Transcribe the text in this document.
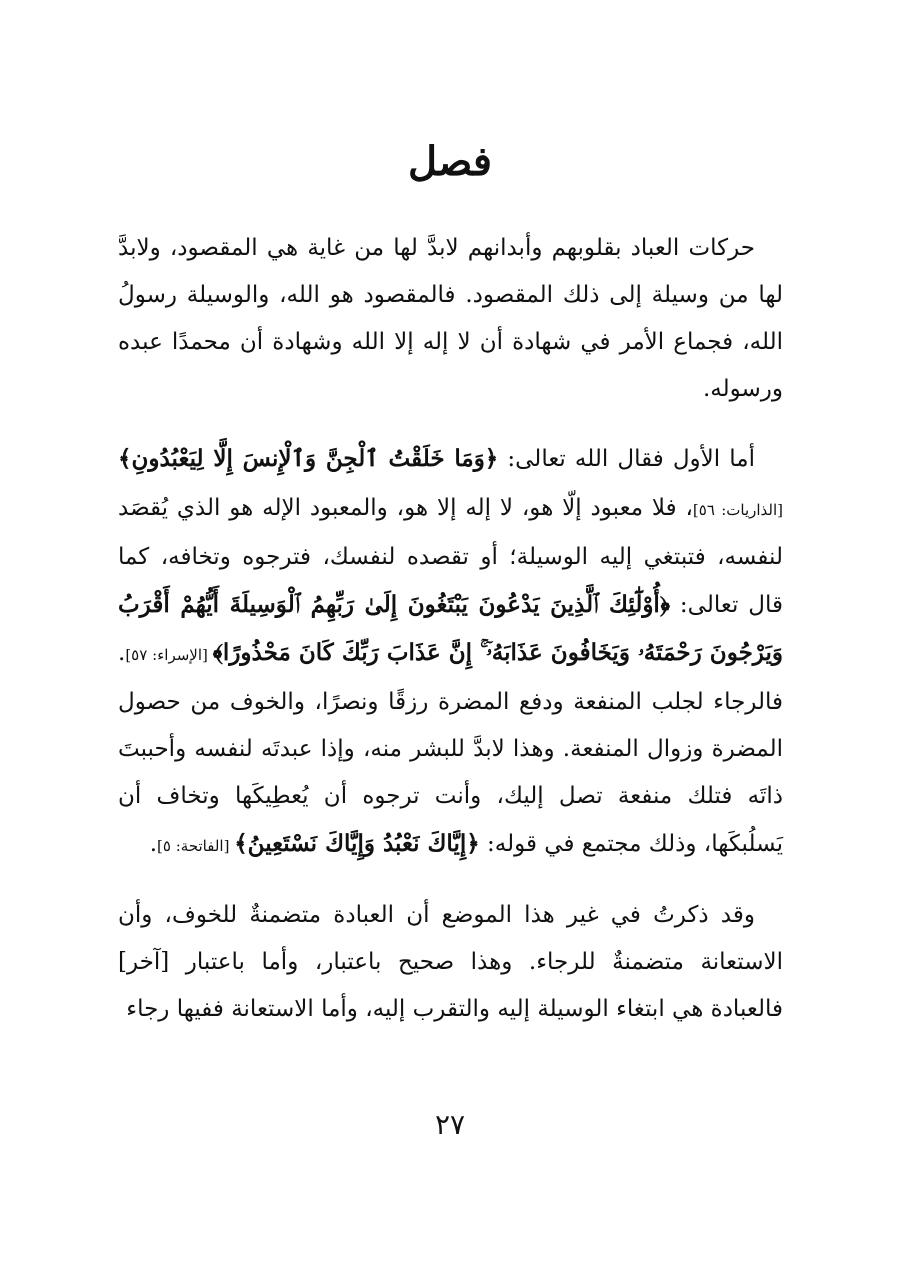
فصل

حركات العباد بقلوبهم وأبدانهم لابدَّ لها من غاية هي المقصود، ولابدَّ لها من وسيلة إلى ذلك المقصود. فالمقصود هو الله، والوسيلة رسولُ الله، فجماع الأمر في شهادة أن لا إله إلا الله وشهادة أن محمدًا عبده ورسوله.

أما الأول فقال الله تعالى: ﴿وَمَا خَلَقْتُ ٱلْجِنَّ وَٱلْإِنسَ إِلَّا لِيَعْبُدُونِ﴾ [الذاريات: ٥٦]، فلا معبود إلّا هو، لا إله إلا هو، والمعبود الإله هو الذي يُقصَد لنفسه، فتبتغي إليه الوسيلة؛ أو تقصده لنفسك، فترجوه وتخافه، كما قال تعالى: ﴿أُوْلَٰٓئِكَ ٱلَّذِينَ يَدْعُونَ يَبْتَغُونَ إِلَىٰ رَبِّهِمُ ٱلْوَسِيلَةَ أَيُّهُمْ أَقْرَبُ وَيَرْجُونَ رَحْمَتَهُۥ وَيَخَافُونَ عَذَابَهُۥٓ ۚ إِنَّ عَذَابَ رَبِّكَ كَانَ مَحْذُورًا﴾ [الإسراء: ٥٧]. فالرجاء لجلب المنفعة ودفع المضرة رزقًا ونصرًا، والخوف من حصول المضرة وزوال المنفعة. وهذا لابدَّ للبشر منه، وإذا عبدتَه لنفسه وأحببتَ ذاتَه فتلك منفعة تصل إليك، وأنت ترجوه أن يُعطِيكَها وتخاف أن يَسلُبكَها، وذلك مجتمع في قوله: ﴿إِيَّاكَ نَعْبُدُ وَإِيَّاكَ نَسْتَعِينُ﴾ [الفاتحة: ٥].

وقد ذكرتُ في غير هذا الموضع أن العبادة متضمنةٌ للخوف، وأن الاستعانة متضمنةٌ للرجاء. وهذا صحيح باعتبار، وأما باعتبار [آخر] فالعبادة هي ابتغاء الوسيلة إليه والتقرب إليه، وأما الاستعانة ففيها رجاء

٢٧
